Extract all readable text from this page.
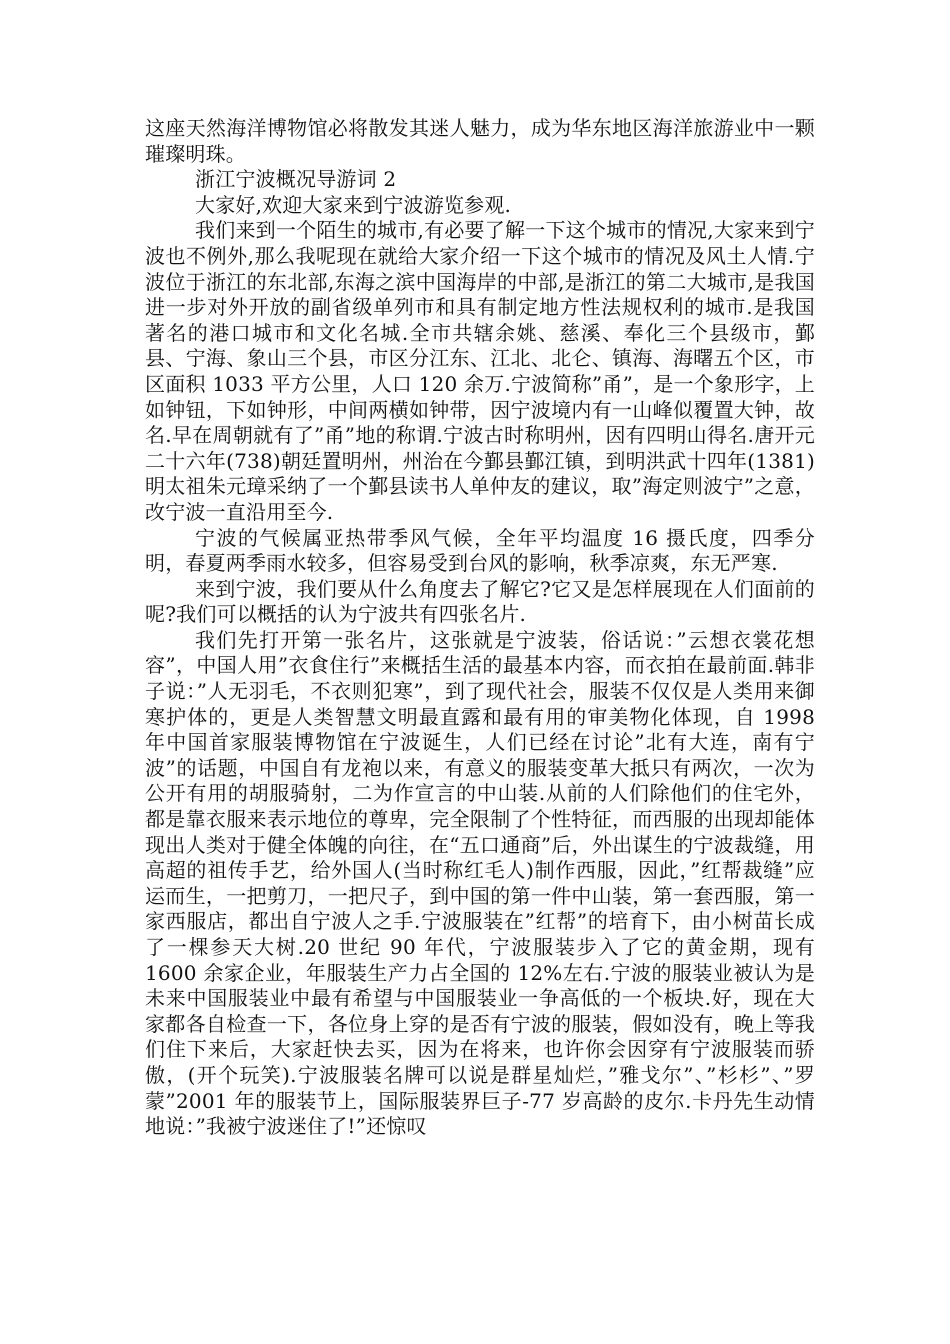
这座天然海洋博物馆必将散发其迷人魅力，成为华东地区海洋旅游业中一颗璀璨明珠。

浙江宁波概况导游词 2

大家好,欢迎大家来到宁波游览参观.

我们来到一个陌生的城市,有必要了解一下这个城市的情况,大家来到宁波也不例外,那么我呢现在就给大家介绍一下这个城市的情况及风土人情.宁波位于浙江的东北部,东海之滨中国海岸的中部,是浙江的第二大城市,是我国进一步对外开放的副省级单列市和具有制定地方性法规权利的城市.是我国著名的港口城市和文化名城.全市共辖余姚、慈溪、奉化三个县级市，鄞县、宁海、象山三个县，市区分江东、江北、北仑、镇海、海曙五个区，市区面积 1033 平方公里，人口 120 余万.宁波简称”甬”，是一个象形字，上如钟钮，下如钟形，中间两横如钟带，因宁波境内有一山峰似覆置大钟，故名.早在周朝就有了”甬”地的称谓.宁波古时称明州，因有四明山得名.唐开元二十六年(738)朝廷置明州，州治在今鄞县鄞江镇，到明洪武十四年(1381)明太祖朱元璋采纳了一个鄞县读书人单仲友的建议，取”海定则波宁”之意，改宁波一直沿用至今.

宁波的气候属亚热带季风气候，全年平均温度 16 摄氏度，四季分明，春夏两季雨水较多，但容易受到台风的影响，秋季凉爽，东无严寒.

来到宁波，我们要从什么角度去了解它?它又是怎样展现在人们面前的呢?我们可以概括的认为宁波共有四张名片.

我们先打开第一张名片，这张就是宁波装，俗话说：”云想衣裳花想容”，中国人用”衣食住行”来概括生活的最基本内容，而衣拍在最前面.韩非子说：”人无羽毛，不衣则犯寒”，到了现代社会，服装不仅仅是人类用来御寒护体的，更是人类智慧文明最直露和最有用的审美物化体现，自 1998 年中国首家服装博物馆在宁波诞生，人们已经在讨论”北有大连，南有宁波”的话题，中国自有龙袍以来，有意义的服装变革大抵只有两次，一次为公开有用的胡服骑射，二为作宣言的中山装.从前的人们除他们的住宅外，都是靠衣服来表示地位的尊卑，完全限制了个性特征，而西服的出现却能体现出人类对于健全体魄的向往，在“五口通商”后，外出谋生的宁波裁缝，用高超的祖传手艺，给外国人(当时称红毛人)制作西服，因此，”红帮裁缝”应运而生，一把剪刀，一把尺子，到中国的第一件中山装，第一套西服，第一家西服店，都出自宁波人之手.宁波服装在”红帮”的培育下，由小树苗长成了一棵参天大树.20 世纪 90 年代，宁波服装步入了它的黄金期，现有 1600 余家企业，年服装生产力占全国的 12%左右.宁波的服装业被认为是未来中国服装业中最有希望与中国服装业一争高低的一个板块.好，现在大家都各自检查一下，各位身上穿的是否有宁波的服装，假如没有，晚上等我们住下来后，大家赶快去买，因为在将来，也许你会因穿有宁波服装而骄傲，(开个玩笑).宁波服装名牌可以说是群星灿烂，”雅戈尔”、”杉杉”、”罗蒙”2001 年的服装节上，国际服装界巨子-77 岁高龄的皮尔.卡丹先生动情地说：”我被宁波迷住了!”还惊叹
